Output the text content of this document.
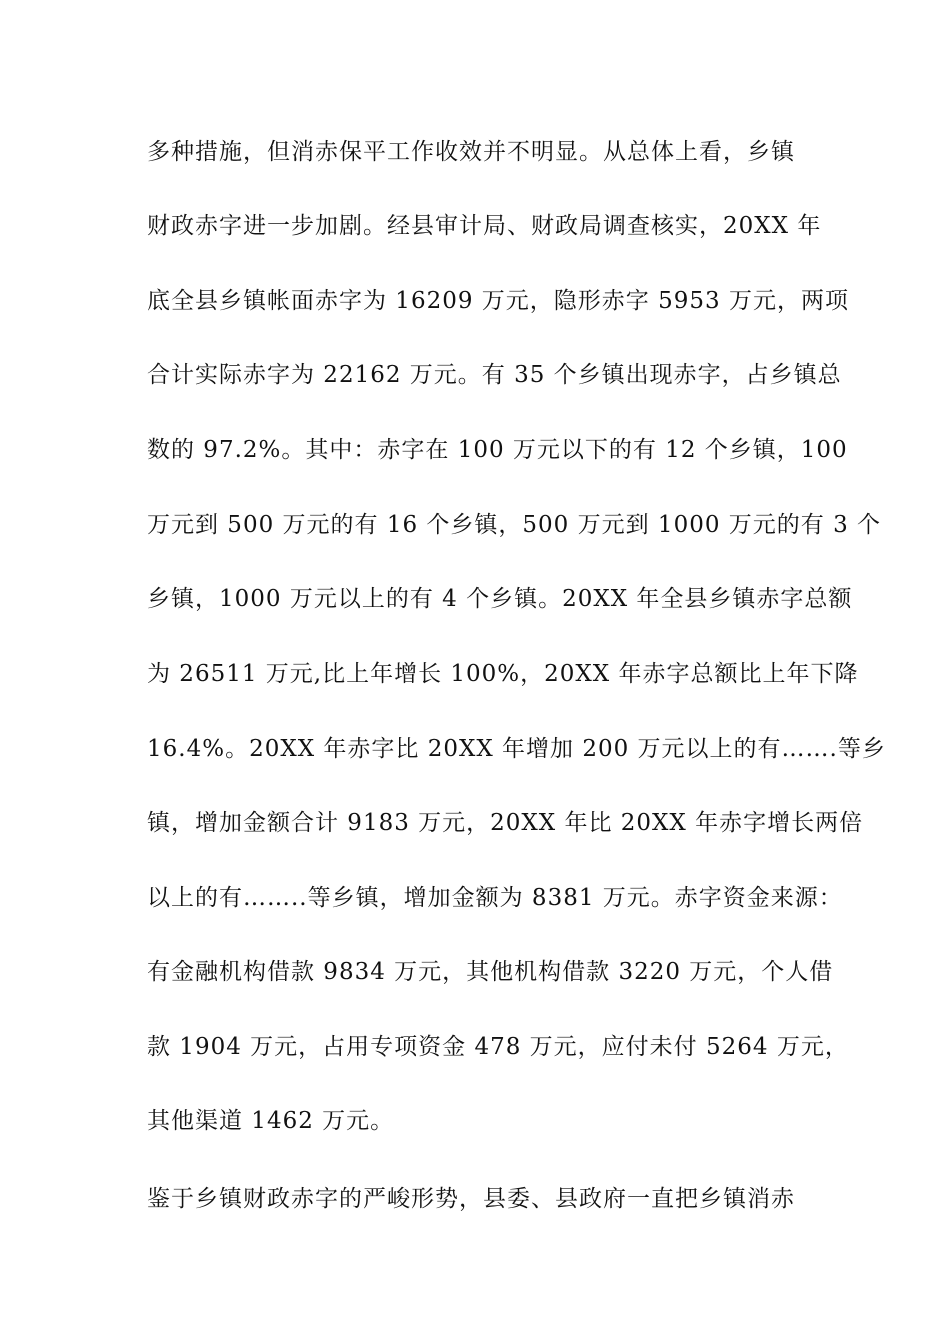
多种措施，但消赤保平工作收效并不明显。从总体上看，乡镇
财政赤字进一步加剧。经县审计局、财政局调查核实，20XX 年
底全县乡镇帐面赤字为 16209 万元，隐形赤字 5953 万元，两项
合计实际赤字为 22162 万元。有 35 个乡镇出现赤字，占乡镇总
数的 97.2%。其中：赤字在 100 万元以下的有 12 个乡镇，100
万元到 500 万元的有 16 个乡镇，500 万元到 1000 万元的有 3 个
乡镇，1000 万元以上的有 4 个乡镇。20XX 年全县乡镇赤字总额
为 26511 万元,比上年增长 100%，20XX 年赤字总额比上年下降
16.4%。20XX 年赤字比 20XX 年增加 200 万元以上的有…….等乡
镇，增加金额合计 9183 万元，20XX 年比 20XX 年赤字增长两倍
以上的有……..等乡镇，增加金额为 8381 万元。赤字资金来源：
有金融机构借款 9834 万元，其他机构借款 3220 万元，个人借
款 1904 万元，占用专项资金 478 万元，应付未付 5264 万元，
其他渠道 1462 万元。
鉴于乡镇财政赤字的严峻形势，县委、县政府一直把乡镇消赤
